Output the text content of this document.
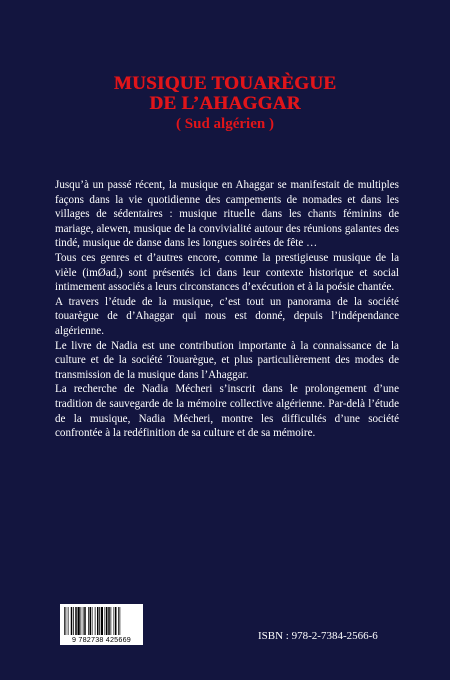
MUSIQUE TOUARÈGUE
DE L’AHAGGAR
( Sud algérien )

Jusqu’à un passé récent, la musique en Ahaggar se manifestait de multiples façons dans la vie quotidienne des campements de nomades et dans les villages de sédentaires : musique rituelle dans les chants féminins de mariage, alewen, musique de la convivialité autour des réunions galantes des tindé, musique de danse dans les longues soirées de fête …

Tous ces genres et d’autres encore, comme la prestigieuse musique de la vièle (imØad,) sont présentés ici dans leur contexte historique et social intimement associés a leurs circonstances d’exécution et à la poésie chantée.

A travers l’étude de la musique, c’est tout un panorama de la société touarègue de d’Ahaggar qui nous est donné, depuis l’indépendance algérienne.

Le livre de Nadia est une contribution importante à la connaissance de la culture et de la société Touarègue, et plus particulièrement des modes de transmission de la musique dans l’Ahaggar.

La recherche de Nadia Mécheri s’inscrit dans le prolongement d’une tradition de sauvegarde de la mémoire collective algérienne. Par-delà l’étude de la musique, Nadia Mécheri, montre les difficultés d’une société confrontée à la redéfinition de sa culture et de sa mémoire.

9 782738 425669	ISBN : 978-2-7384-2566-6
